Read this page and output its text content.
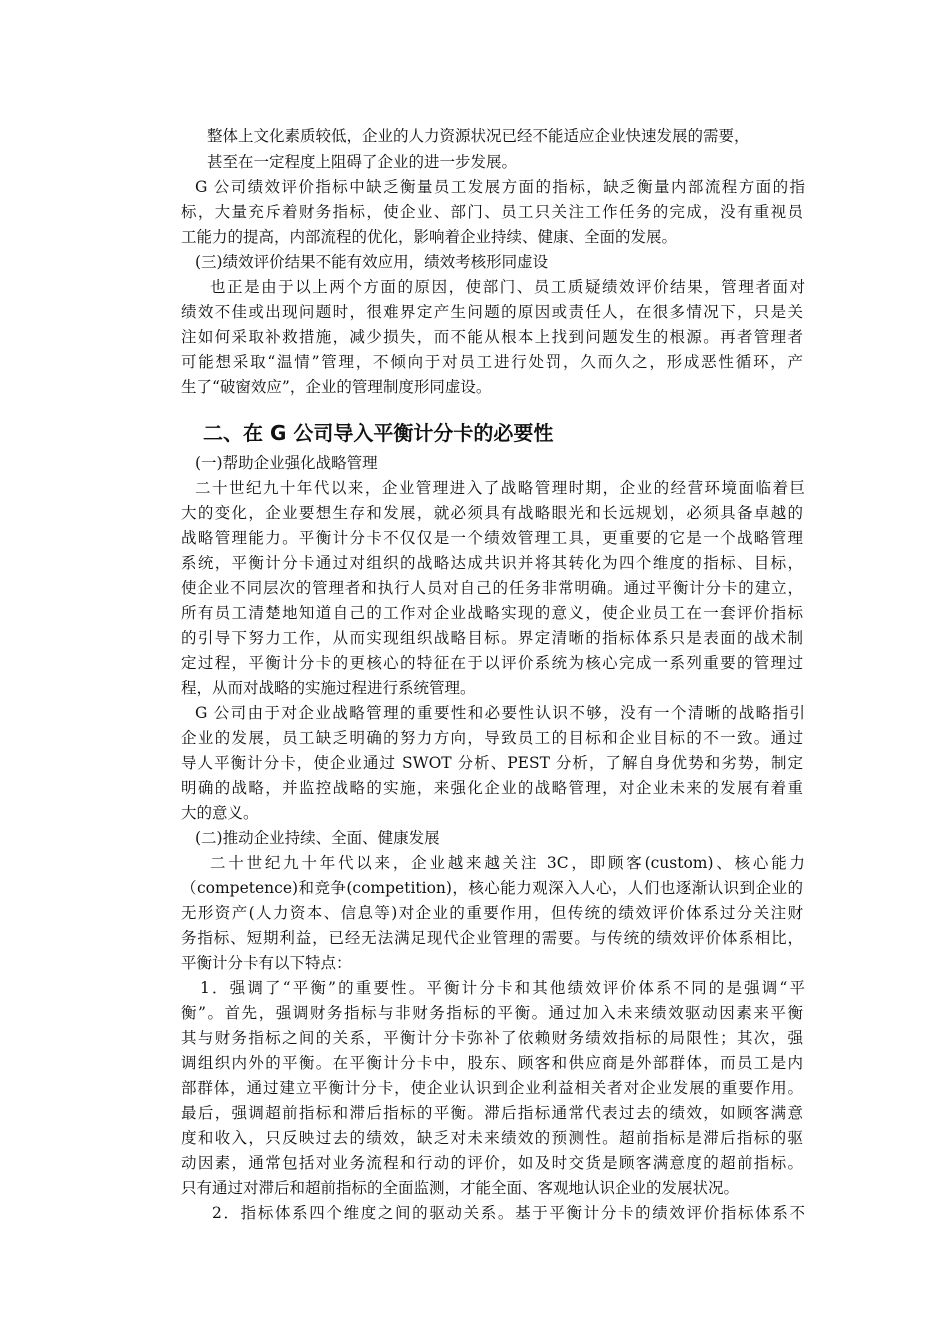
整体上文化素质较低，企业的人力资源状况已经不能适应企业快速发展的需要，
甚至在一定程度上阻碍了企业的进一步发展。
G 公司绩效评价指标中缺乏衡量员工发展方面的指标，缺乏衡量内部流程方面的指
标，大量充斥着财务指标，使企业、部门、员工只关注工作任务的完成，没有重视员
工能力的提高，内部流程的优化，影响着企业持续、健康、全面的发展。
(三)绩效评价结果不能有效应用，绩效考核形同虚设
也正是由于以上两个方面的原因，使部门、员工质疑绩效评价结果，管理者面对
绩效不佳或出现问题时，很难界定产生问题的原因或责任人，在很多情况下，只是关
注如何采取补救措施，减少损失，而不能从根本上找到问题发生的根源。再者管理者
可能想采取“温情”管理，不倾向于对员工进行处罚，久而久之，形成恶性循环，产
生了“破窗效应”，企业的管理制度形同虚设。
二、在 G 公司导入平衡计分卡的必要性
(一)帮助企业强化战略管理
二十世纪九十年代以来，企业管理进入了战略管理时期，企业的经营环境面临着巨
大的变化，企业要想生存和发展，就必须具有战略眼光和长远规划，必须具备卓越的
战略管理能力。平衡计分卡不仅仅是一个绩效管理工具，更重要的它是一个战略管理
系统，平衡计分卡通过对组织的战略达成共识并将其转化为四个维度的指标、目标，
使企业不同层次的管理者和执行人员对自己的任务非常明确。通过平衡计分卡的建立，
所有员工清楚地知道自己的工作对企业战略实现的意义，使企业员工在一套评价指标
的引导下努力工作，从而实现组织战略目标。界定清晰的指标体系只是表面的战术制
定过程，平衡计分卡的更核心的特征在于以评价系统为核心完成一系列重要的管理过
程，从而对战略的实施过程进行系统管理。
G 公司由于对企业战略管理的重要性和必要性认识不够，没有一个清晰的战略指引
企业的发展，员工缺乏明确的努力方向，导致员工的目标和企业目标的不一致。通过
导人平衡计分卡，使企业通过 SWOT 分析、PEST 分析，了解自身优势和劣势，制定
明确的战略，并监控战略的实施，来强化企业的战略管理，对企业未来的发展有着重
大的意义。
(二)推动企业持续、全面、健康发展
二十世纪九十年代以来，企业越来越关注 3C，即顾客(custom)、核心能力
（competence)和竞争(competition)，核心能力观深入人心，人们也逐渐认识到企业的
无形资产(人力资本、信息等)对企业的重要作用，但传统的绩效评价体系过分关注财
务指标、短期利益，已经无法满足现代企业管理的需要。与传统的绩效评价体系相比，
平衡计分卡有以下特点：
1．强调了“平衡”的重要性。平衡计分卡和其他绩效评价体系不同的是强调“平
衡”。首先，强调财务指标与非财务指标的平衡。通过加入未来绩效驱动因素来平衡
其与财务指标之间的关系，平衡计分卡弥补了依赖财务绩效指标的局限性；其次，强
调组织内外的平衡。在平衡计分卡中，股东、顾客和供应商是外部群体，而员工是内
部群体，通过建立平衡计分卡，使企业认识到企业利益相关者对企业发展的重要作用。
最后，强调超前指标和滞后指标的平衡。滞后指标通常代表过去的绩效，如顾客满意
度和收入，只反映过去的绩效，缺乏对未来绩效的预测性。超前指标是滞后指标的驱
动因素，通常包括对业务流程和行动的评价，如及时交货是顾客满意度的超前指标。
只有通过对滞后和超前指标的全面监测，才能全面、客观地认识企业的发展状况。
2．指标体系四个维度之间的驱动关系。基于平衡计分卡的绩效评价指标体系不
